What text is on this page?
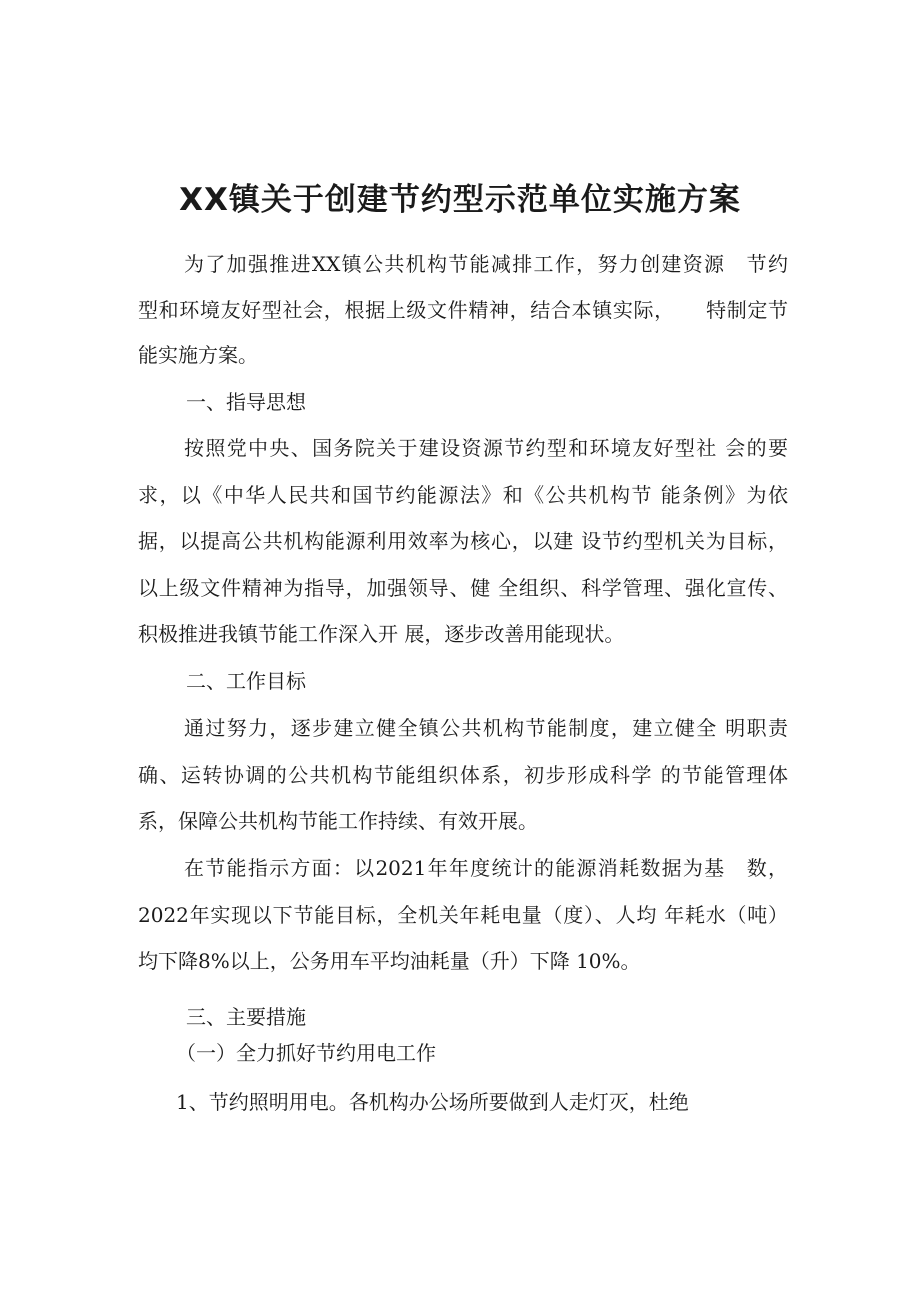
XX镇关于创建节约型示范单位实施方案
为了加强推进XX镇公共机构节能减排工作，努力创建资源　节约
型和环境友好型社会，根据上级文件精神，结合本镇实际，　　特制定节
能实施方案。
一、指导思想
按照党中央、国务院关于建设资源节约型和环境友好型社 会的要
求，以《中华人民共和国节约能源法》和《公共机构节 能条例》为依
据，以提高公共机构能源利用效率为核心，以建 设节约型机关为目标，
以上级文件精神为指导，加强领导、健 全组织、科学管理、强化宣传、
积极推进我镇节能工作深入开 展，逐步改善用能现状。
二、工作目标
通过努力，逐步建立健全镇公共机构节能制度，建立健全 明职责
确、运转协调的公共机构节能组织体系，初步形成科学 的节能管理体
系，保障公共机构节能工作持续、有效开展。
在节能指示方面：以2021年年度统计的能源消耗数据为基　数，
2022年实现以下节能目标，全机关年耗电量（度）、人均 年耗水（吨）
均下降8%以上，公务用车平均油耗量（升）下降 10%。
三、主要措施
（一）全力抓好节约用电工作
1、节约照明用电。各机构办公场所要做到人走灯灭，杜绝
